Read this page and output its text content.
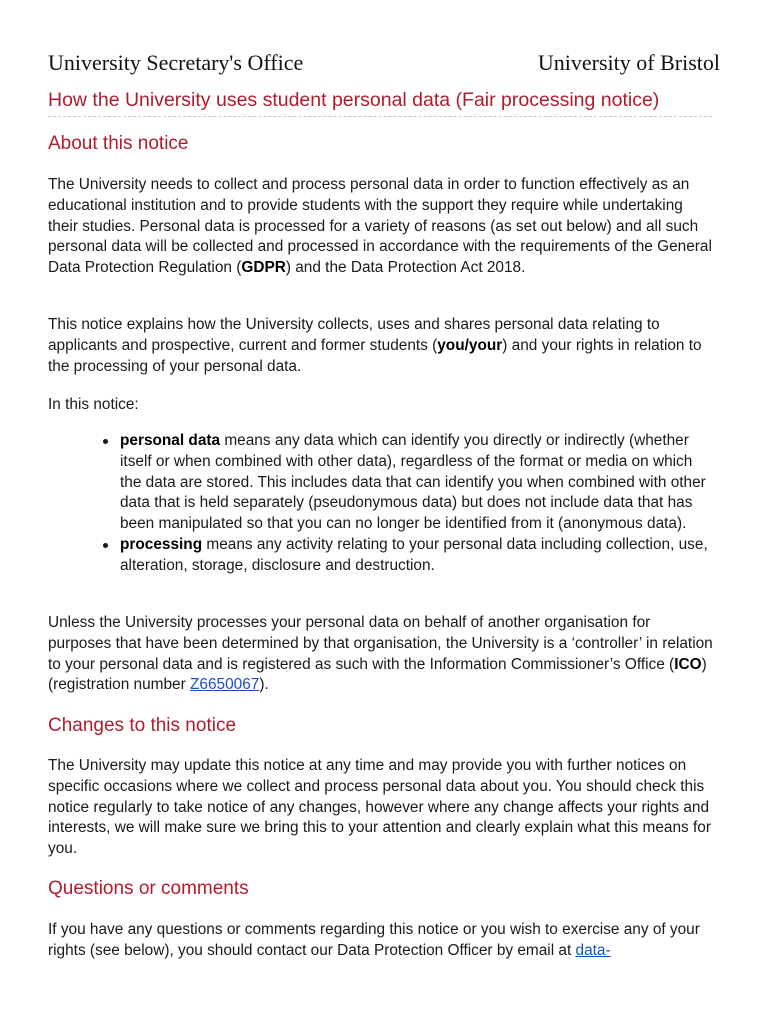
University Secretary's Office	University of Bristol
How the University uses student personal data (Fair processing notice)
About this notice

The University needs to collect and process personal data in order to function effectively as an educational institution and to provide students with the support they require while undertaking their studies. Personal data is processed for a variety of reasons (as set out below) and all such personal data will be collected and processed in accordance with the requirements of the General Data Protection Regulation (GDPR) and the Data Protection Act 2018.

This notice explains how the University collects, uses and shares personal data relating to applicants and prospective, current and former students (you/your) and your rights in relation to the processing of your personal data.

In this notice:

personal data means any data which can identify you directly or indirectly (whether itself or when combined with other data), regardless of the format or media on which the data are stored. This includes data that can identify you when combined with other data that is held separately (pseudonymous data) but does not include data that has been manipulated so that you can no longer be identified from it (anonymous data).
processing means any activity relating to your personal data including collection, use, alteration, storage, disclosure and destruction.

Unless the University processes your personal data on behalf of another organisation for purposes that have been determined by that organisation, the University is a ‘controller’ in relation to your personal data and is registered as such with the Information Commissioner’s Office (ICO) (registration number Z6650067).

Changes to this notice

The University may update this notice at any time and may provide you with further notices on specific occasions where we collect and process personal data about you. You should check this notice regularly to take notice of any changes, however where any change affects your rights and interests, we will make sure we bring this to your attention and clearly explain what this means for you.

Questions or comments

If you have any questions or comments regarding this notice or you wish to exercise any of your rights (see below), you should contact our Data Protection Officer by email at data-
